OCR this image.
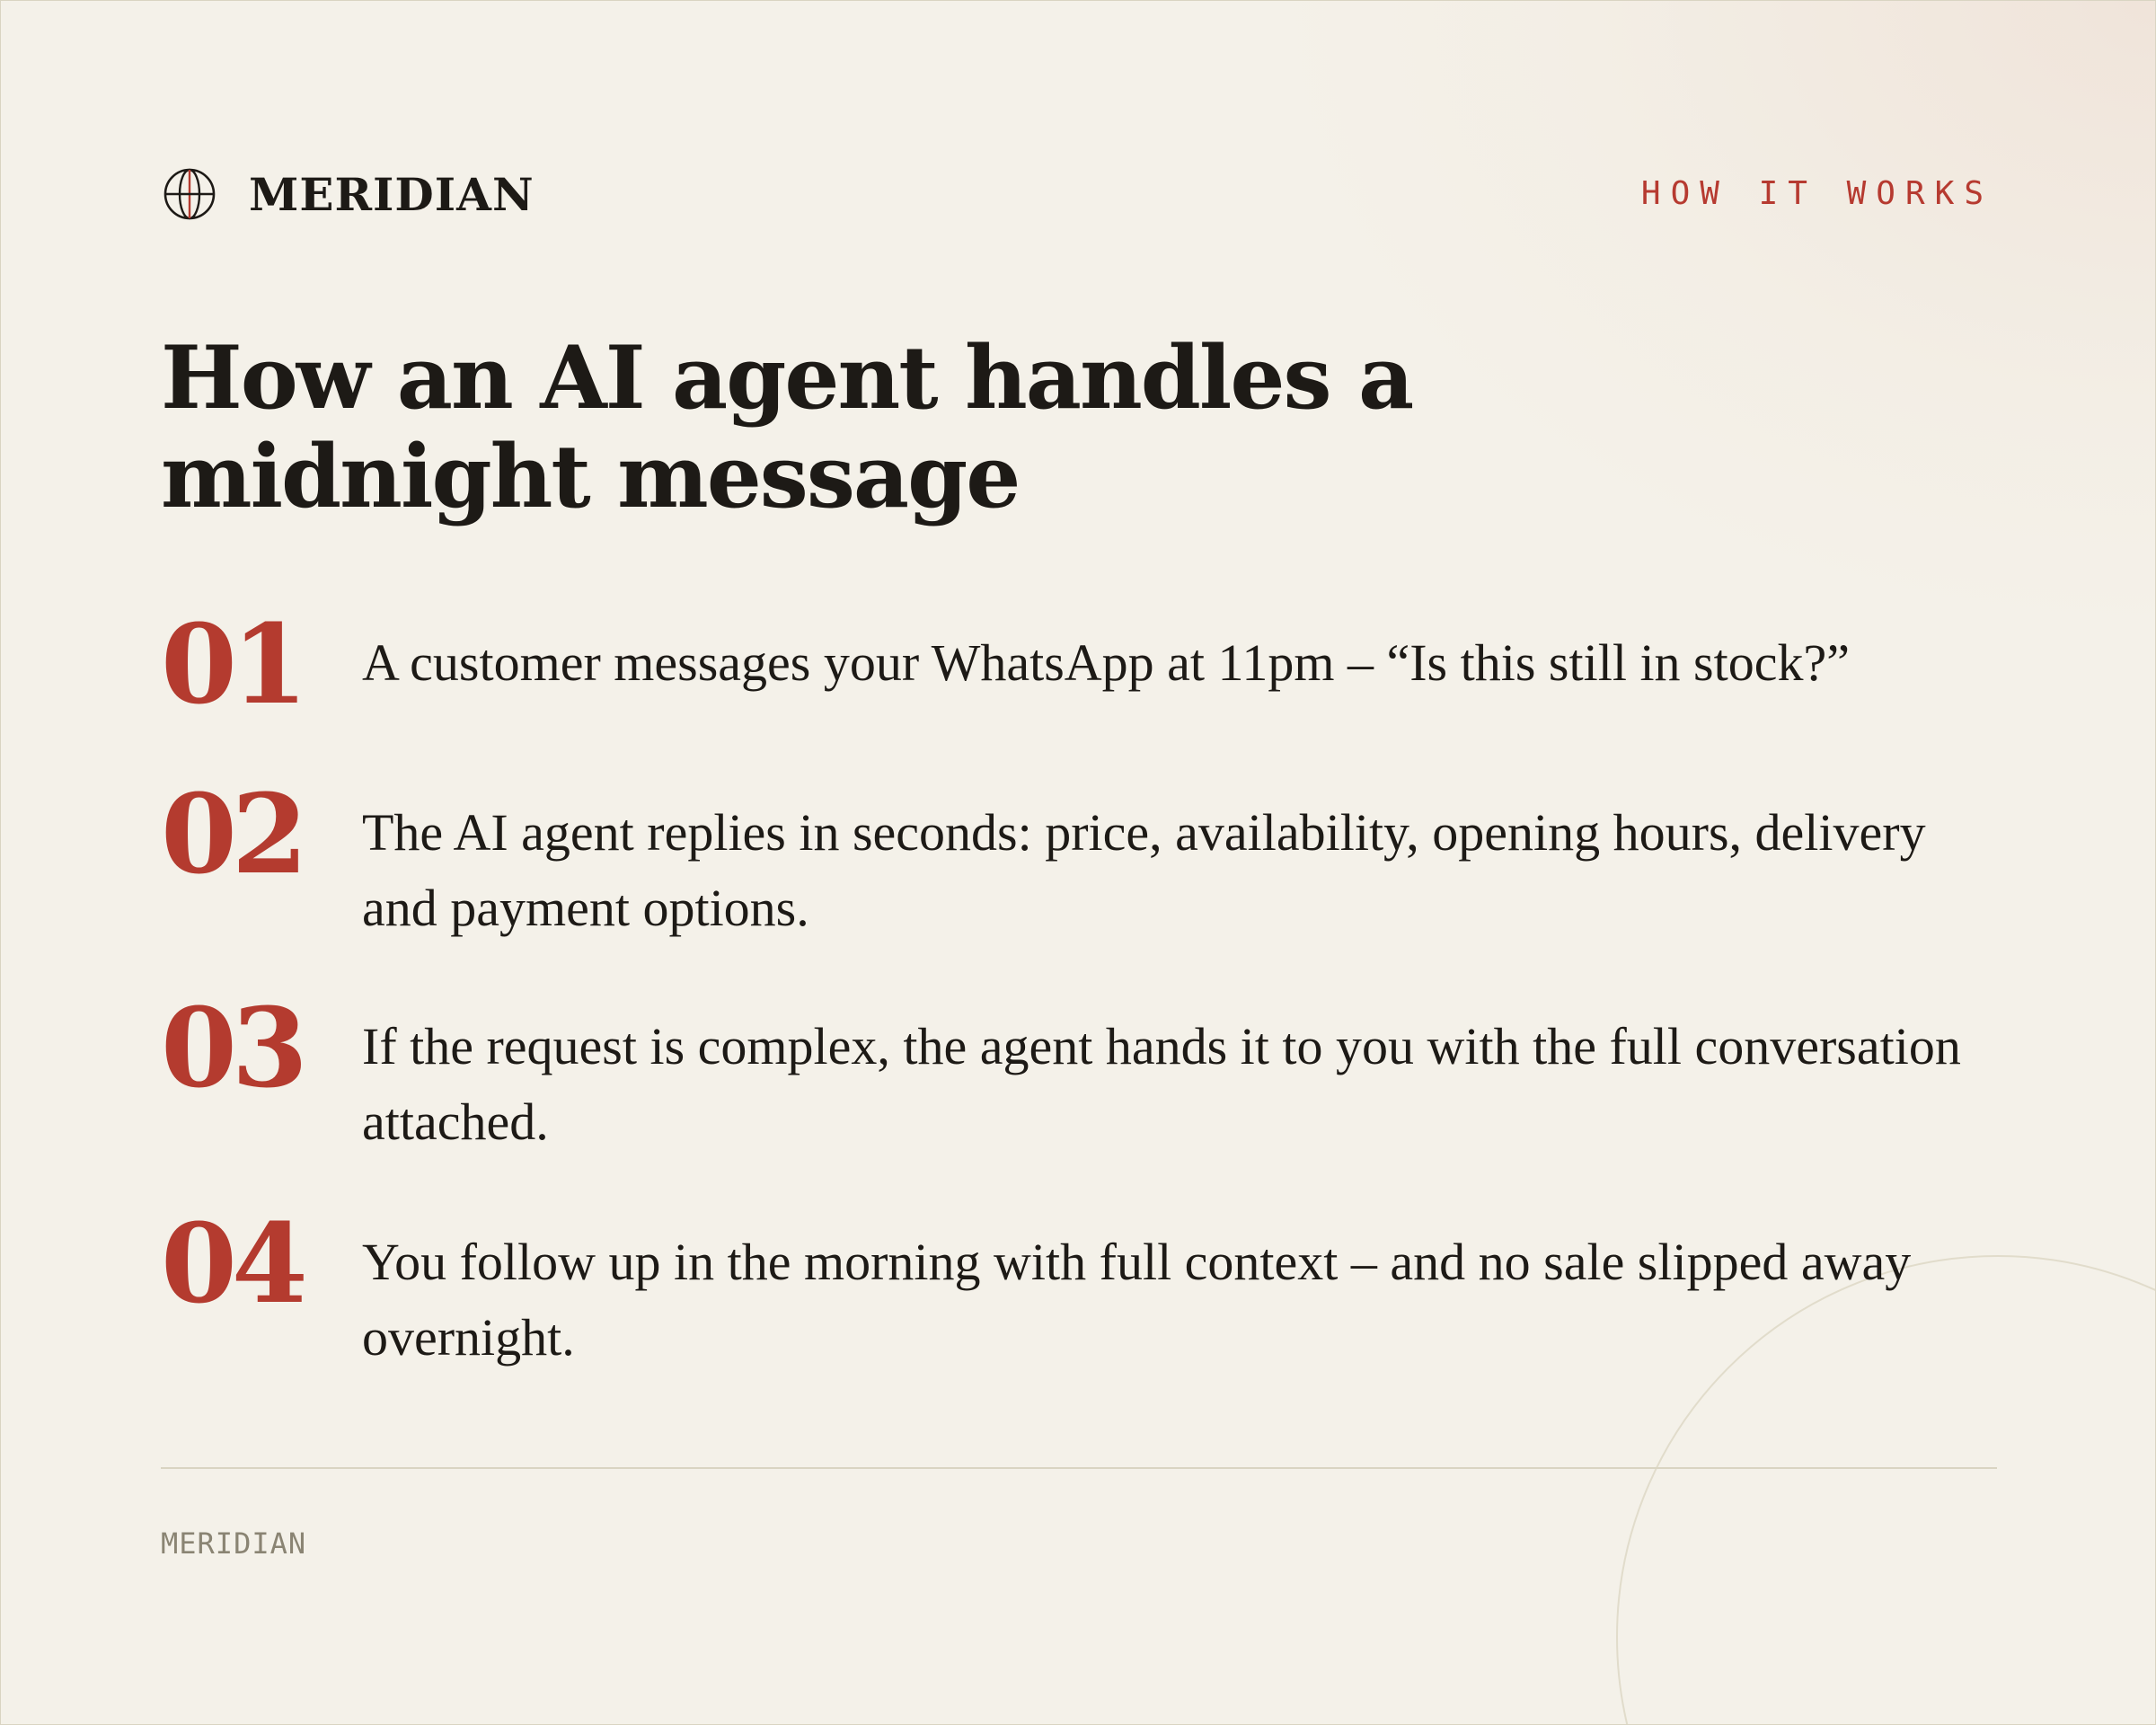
MERIDIAN	HOW IT WORKS
How an AI agent handles a midnight message
01 A customer messages your WhatsApp at 11pm – “Is this still in stock?”
02 The AI agent replies in seconds: price, availability, opening hours, delivery and payment options.
03 If the request is complex, the agent hands it to you with the full conversation attached.
04 You follow up in the morning with full context – and no sale slipped away overnight.
MERIDIAN
